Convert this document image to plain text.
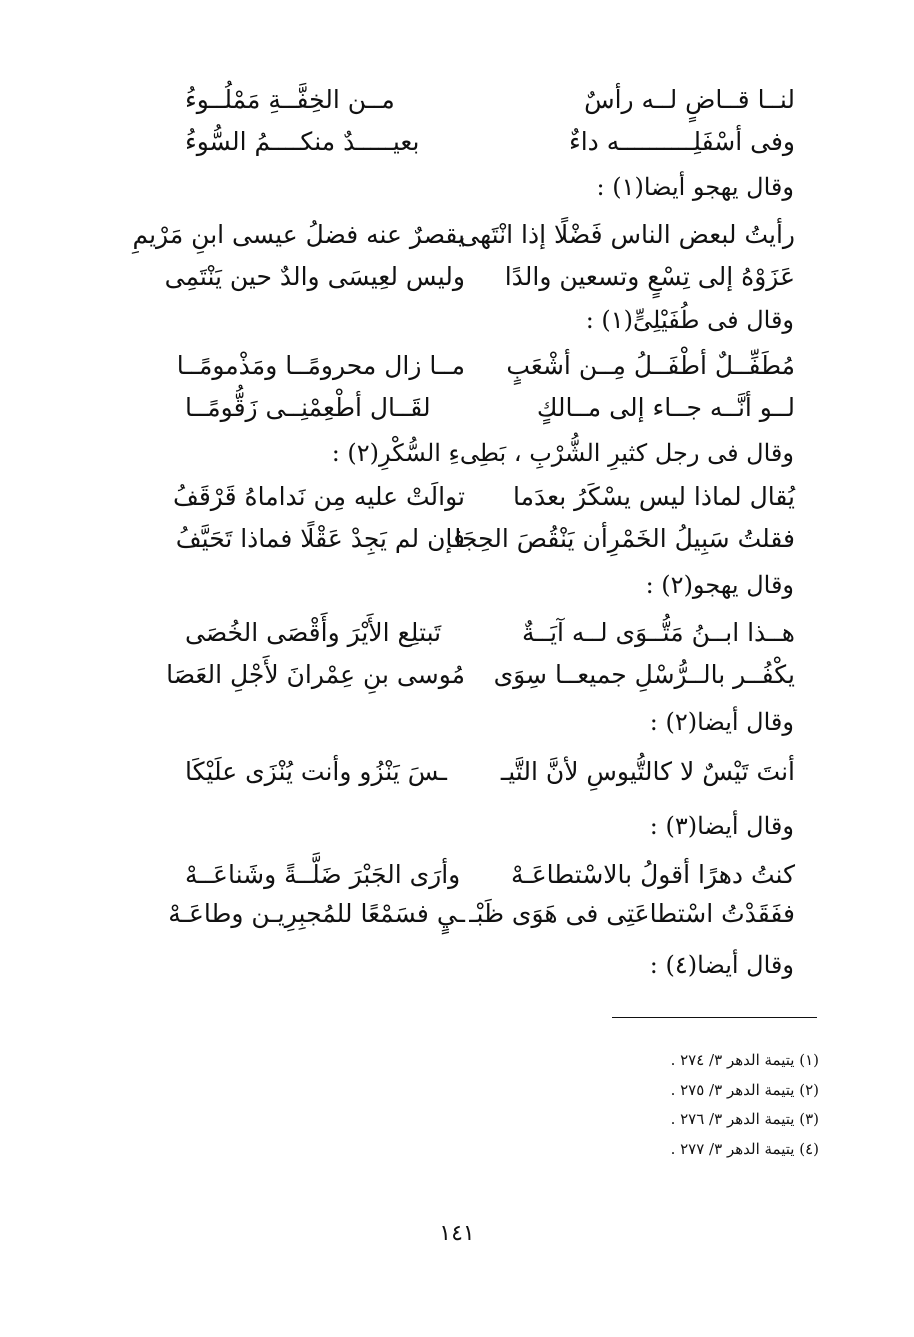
لنــا قــاضٍ لــه رأسٌ
مــن الخِفَّــةِ مَمْلُــوءُ
وفى أسْفَلِــــــــــه داءٌ
بعيـــــدٌ منكــــمُ السُّوءُ
وقال يهجو أيضا(١) :
رأيتُ لبعض الناس فَضْلًا إذا انْتَهى
يقصرٌ عنه فضلُ عيسى ابنِ مَرْيمِ
عَزَوْهُ إلى تِسْعٍ وتسعين والدًا
وليس لعِيسَى والدٌ حين يَنْتَمِى
وقال فى طُفَيْلِىٍّ(١) :
مُطَفِّــلٌ أطْفَــلُ مِــن أشْعَبٍ
مــا زال محرومًــا ومَذْمومًــا
لــو أنَّــه جــاء إلى مــالكٍ
لقَــال أطْعِمْنِــى زَقُّومًــا
وقال فى رجل كثيرِ الشُّرْبِ ، بَطِىءِ السُّكْرِ(٢) :
يُقال لماذا ليس يسْكَرُ بعدَما
توالَتْ عليه مِن نَداماهُ قَرْقَفُ
فقلتُ سَبِيلُ الخَمْرِأن يَنْقُصَ الحِجَا
فإن لم يَجِدْ عَقْلًا فماذا تَحَيَّفُ
وقال يهجو(٢) :
هــذا ابــنُ مَتُّــوَى لــه آيَــةٌ
تَبتلِع الأَيْرَ وأَقْصَى الخُصَى
يكْفُــر بالــرُّسْلِ جميعــا سِوَى
مُوسى بنِ عِمْرانَ لأَجْلِ العَصَا
وقال أيضا(٢) :
أنتَ تَيْسٌ لا كالتُّيوسِ لأنَّ التَّيـ
ـسَ يَنْزُو وأنت يُنْزَى علَيْكَا
وقال أيضا(٣) :
كنتُ دهرًا أقولُ بالاسْتطاعَـهْ
وأرَى الجَبْرَ ضَلَّــةً وشَناعَــهْ
ففَقَدْتُ اسْتطاعَتِى فى هَوَى ظَبْـ
ـيٍ فسَمْعًا للمُجبِرِيـن وطاعَـهْ
وقال أيضا(٤) :
(١) يتيمة الدهر ٣/ ٢٧٤ .
(٢) يتيمة الدهر ٣/ ٢٧٥ .
(٣) يتيمة الدهر ٣/ ٢٧٦ .
(٤) يتيمة الدهر ٣/ ٢٧٧ .
١٤١
